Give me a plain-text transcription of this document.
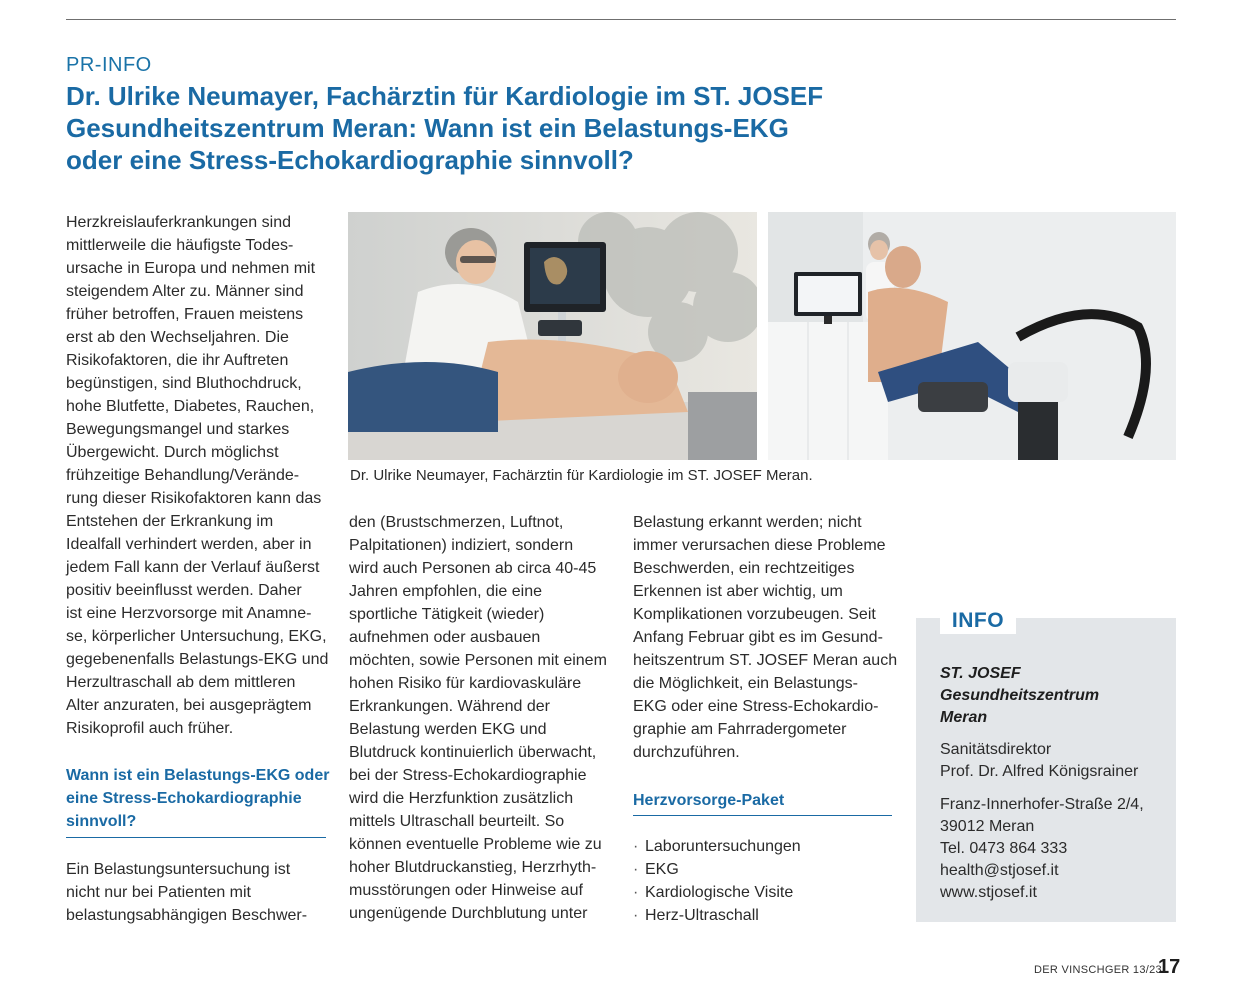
PR-INFO
Dr. Ulrike Neumayer, Fachärztin für Kardiologie im ST. JOSEF
Gesundheitszentrum Meran: Wann ist ein Belastungs-EKG
oder eine Stress-Echokardiographie sinnvoll?

Herzkreislauferkrankungen sind
mittlerweile die häufigste Todes-
ursache in Europa und nehmen mit
steigendem Alter zu. Männer sind
früher betroffen, Frauen meistens
erst ab den Wechseljahren. Die
Risikofaktoren, die ihr Auftreten
begünstigen, sind Bluthochdruck,
hohe Blutfette, Diabetes, Rauchen,
Bewegungsmangel und starkes
Übergewicht. Durch möglichst
frühzeitige Behandlung/Verände-
rung dieser Risikofaktoren kann das
Entstehen der Erkrankung im
Idealfall verhindert werden, aber in
jedem Fall kann der Verlauf äußerst
positiv beeinflusst werden. Daher
ist eine Herzvorsorge mit Anamne-
se, körperlicher Untersuchung, EKG,
gegebenenfalls Belastungs-EKG und
Herzultraschall ab dem mittleren
Alter anzuraten, bei ausgeprägtem
Risikoprofil auch früher.

Wann ist ein Belastungs-EKG oder
eine Stress-Echokardiographie
sinnvoll?

Ein Belastungsuntersuchung ist
nicht nur bei Patienten mit
belastungsabhängigen Beschwer-

Dr. Ulrike Neumayer, Fachärztin für Kardiologie im ST. JOSEF Meran.

den (Brustschmerzen, Luftnot,
Palpitationen) indiziert, sondern
wird auch Personen ab circa 40-45
Jahren empfohlen, die eine
sportliche Tätigkeit (wieder)
aufnehmen oder ausbauen
möchten, sowie Personen mit einem
hohen Risiko für kardiovaskuläre
Erkrankungen. Während der
Belastung werden EKG und
Blutdruck kontinuierlich überwacht,
bei der Stress-Echokardiographie
wird die Herzfunktion zusätzlich
mittels Ultraschall beurteilt. So
können eventuelle Probleme wie zu
hoher Blutdruckanstieg, Herzrhyth-
musstörungen oder Hinweise auf
ungenügende Durchblutung unter

Belastung erkannt werden; nicht
immer verursachen diese Probleme
Beschwerden, ein rechtzeitiges
Erkennen ist aber wichtig, um
Komplikationen vorzubeugen. Seit
Anfang Februar gibt es im Gesund-
heitszentrum ST. JOSEF Meran auch
die Möglichkeit, ein Belastungs-
EKG oder eine Stress-Echokardio-
graphie am Fahrradergometer
durchzuführen.

Herzvorsorge-Paket
· Laboruntersuchungen
· EKG
· Kardiologische Visite
· Herz-Ultraschall
INFO
ST. JOSEF
Gesundheitszentrum
Meran
Sanitätsdirektor
Prof. Dr. Alfred Königsrainer
Franz-Innerhofer-Straße 2/4,
39012 Meran
Tel. 0473 864 333
health@stjosef.it
www.stjosef.it
DER VINSCHGER 13/23
17
